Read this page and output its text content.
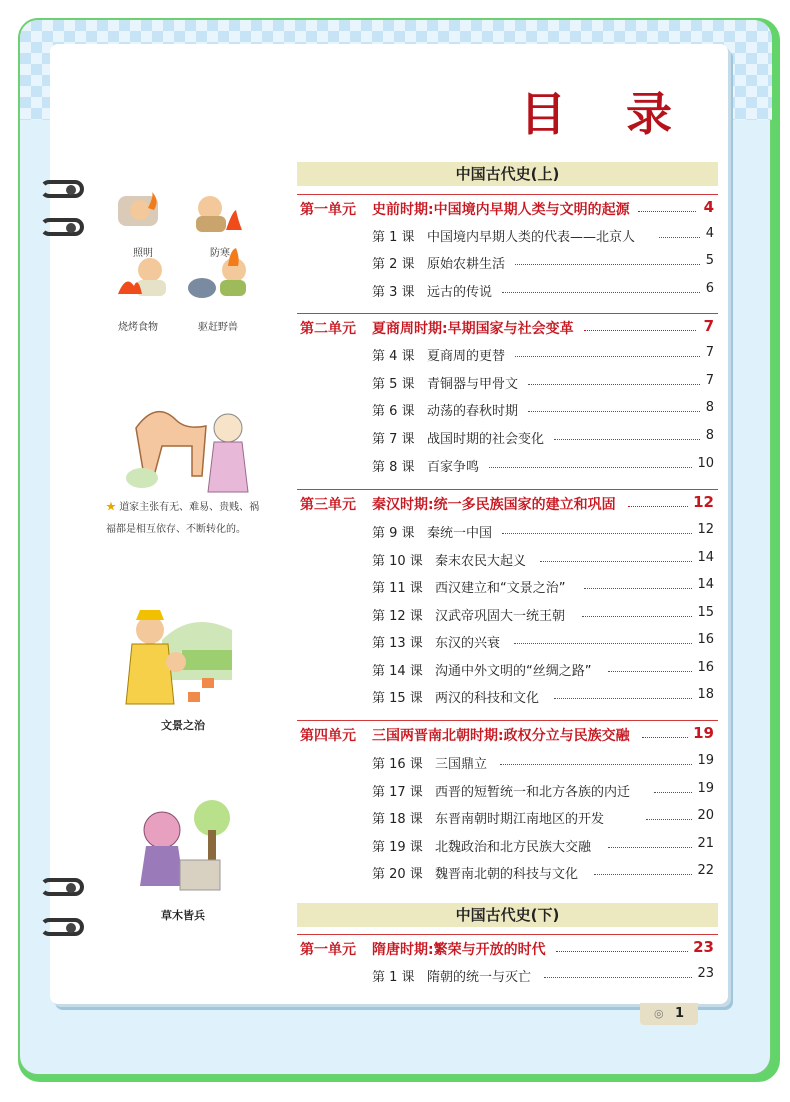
目 录
照明	防寒
烧烤食物	驱赶野兽
★ 道家主张有无、难易、贵贱、祸
福都是相互依存、不断转化的。
文景之治
草木皆兵
中国古代史(上)
中国古代史(下)
第一单元 史前时期:中国境内早期人类与文明的起源	4
第 1 课 中国境内早期人类的代表——北京人	4
第 2 课 原始农耕生活	5
第 3 课 远古的传说	6
第二单元 夏商周时期:早期国家与社会变革	7
第 4 课 夏商周的更替	7
第 5 课 青铜器与甲骨文	7
第 6 课 动荡的春秋时期	8
第 7 课 战国时期的社会变化	8
第 8 课 百家争鸣	10
第三单元 秦汉时期:统一多民族国家的建立和巩固	12
第 9 课 秦统一中国	12
第 10 课 秦末农民大起义	14
第 11 课 西汉建立和“文景之治”	14
第 12 课 汉武帝巩固大一统王朝	15
第 13 课 东汉的兴衰	16
第 14 课 沟通中外文明的“丝绸之路”	16
第 15 课 两汉的科技和文化	18
第四单元 三国两晋南北朝时期:政权分立与民族交融	19
第 16 课 三国鼎立	19
第 17 课 西晋的短暂统一和北方各族的内迁	19
第 18 课 东晋南朝时期江南地区的开发	20
第 19 课 北魏政治和北方民族大交融	21
第 20 课 魏晋南北朝的科技与文化	22
第一单元 隋唐时期:繁荣与开放的时代	23
第 1 课 隋朝的统一与灭亡	23
◎ 1
